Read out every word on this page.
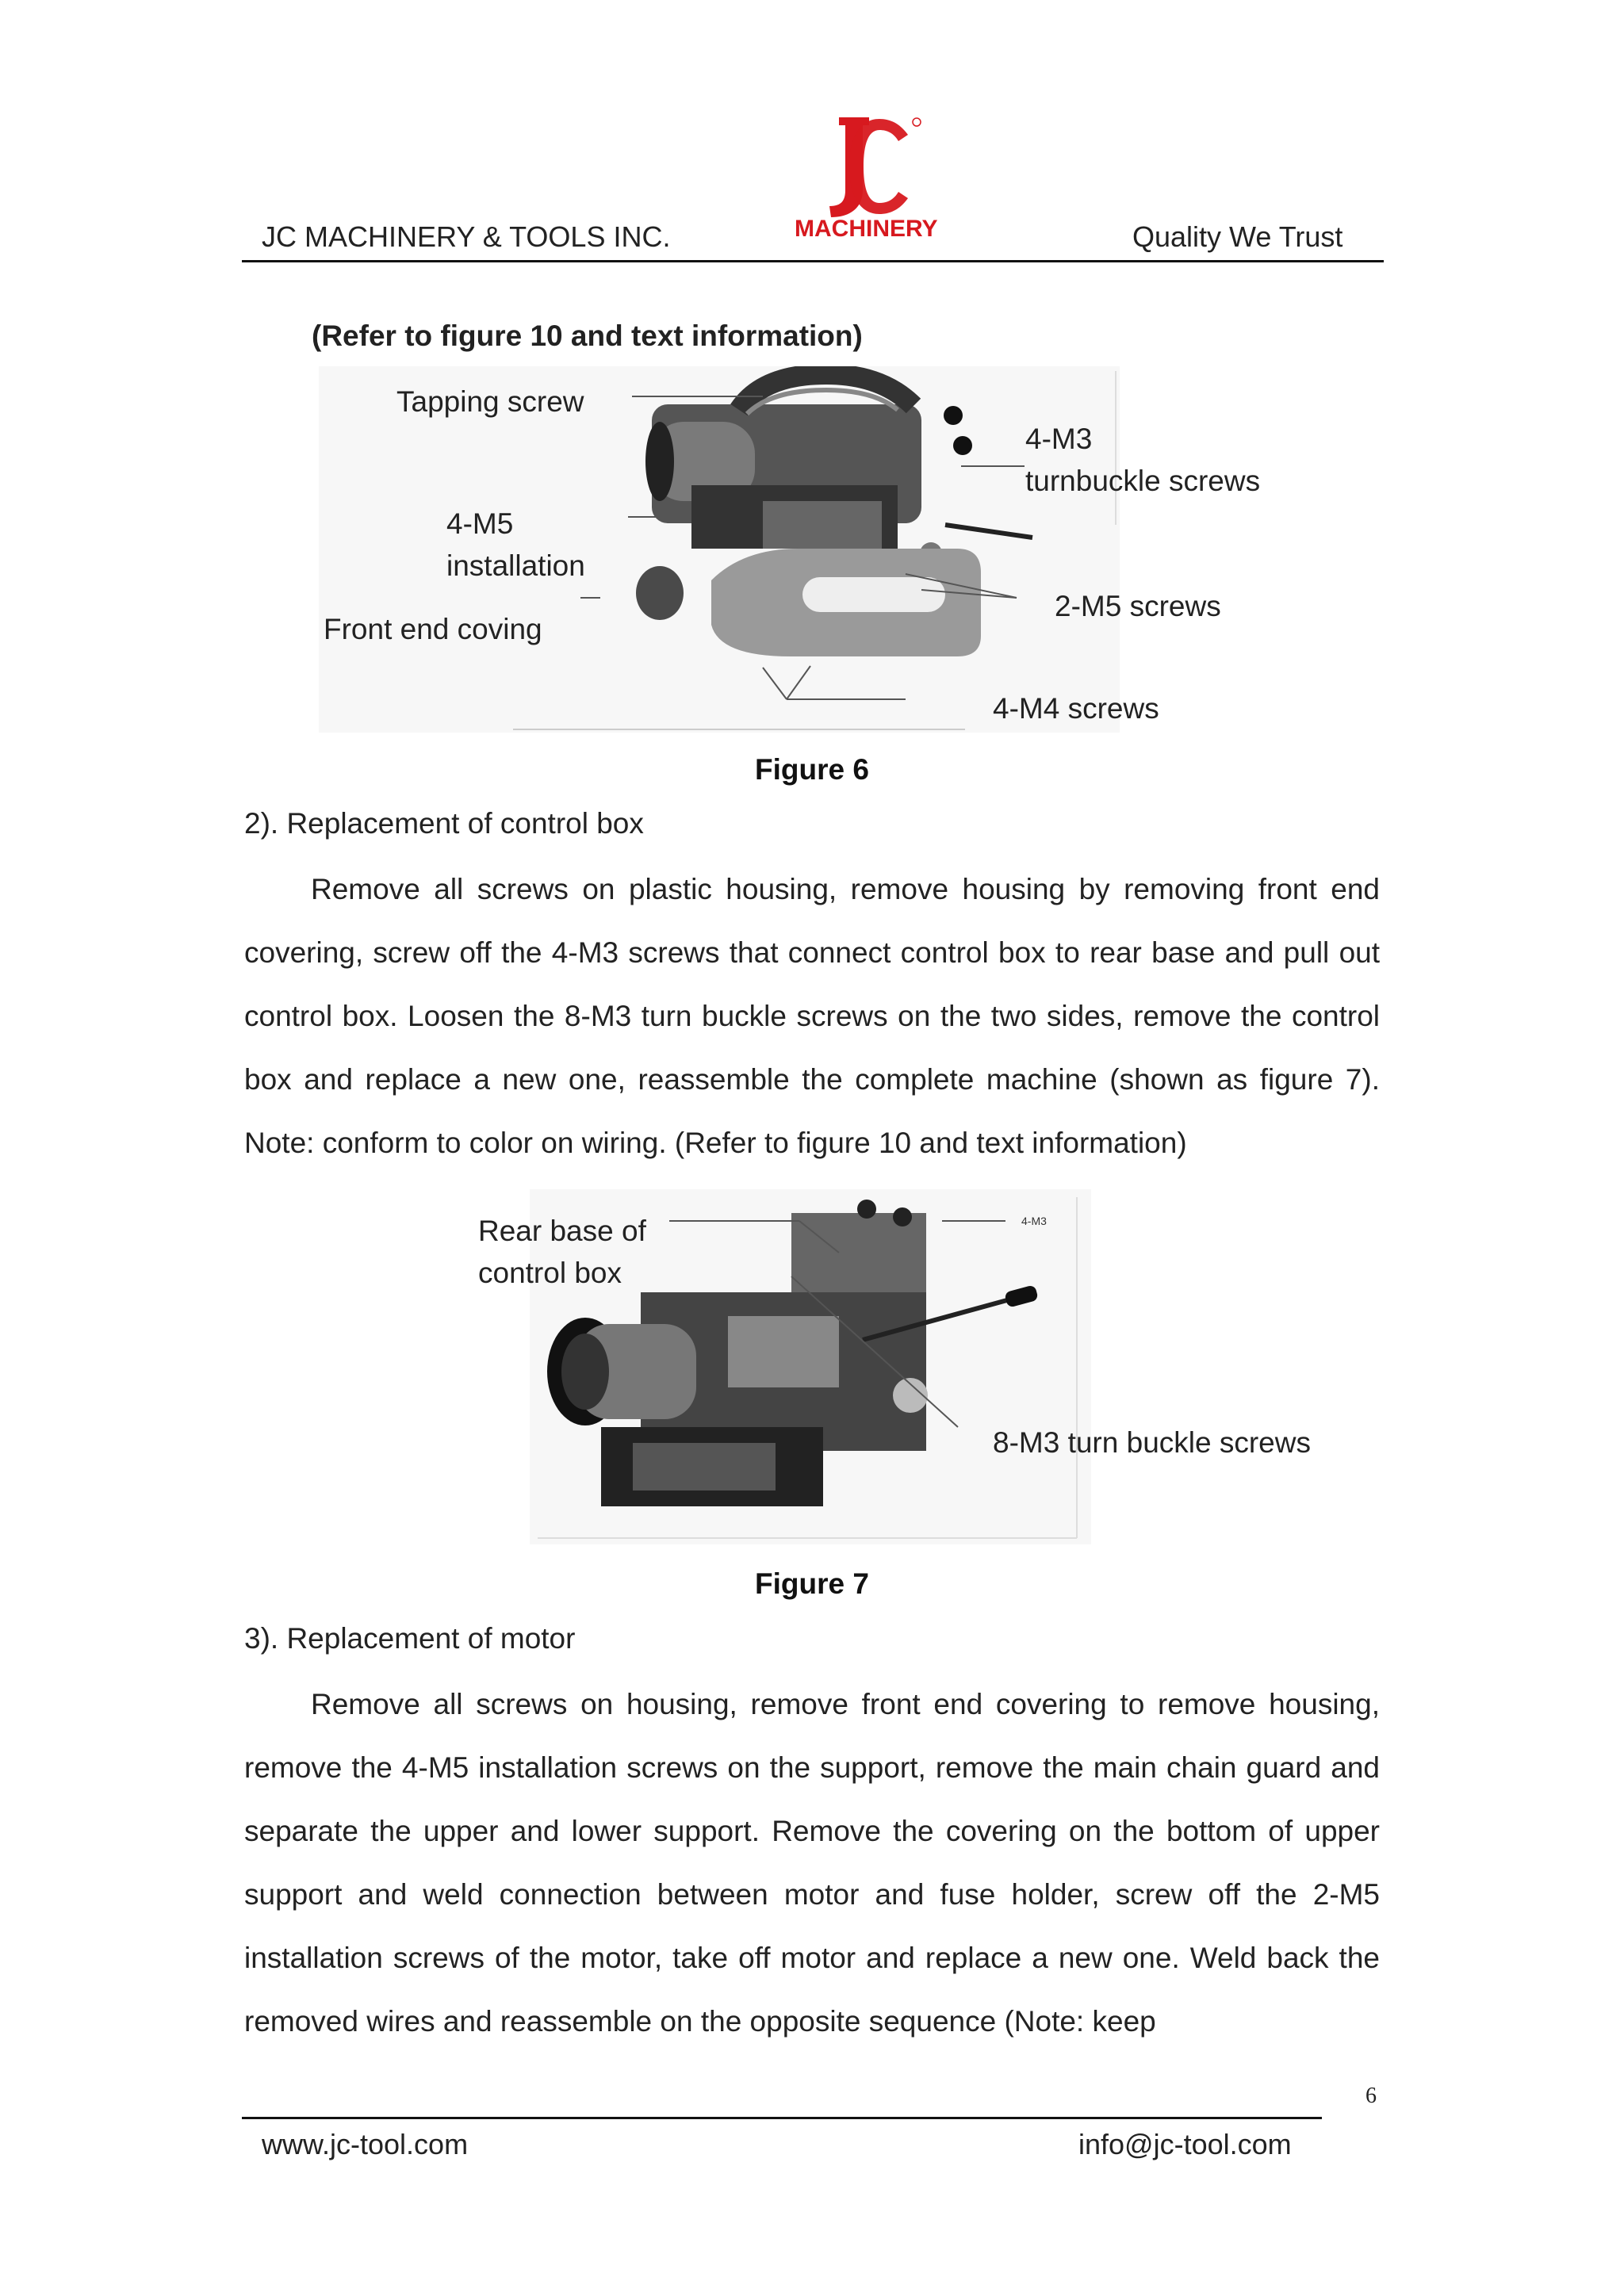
JC MACHINERY & TOOLS INC.	MACHINERY	Quality We Trust
(Refer to figure 10 and text information)
Tapping screw
4-M3
turnbuckle screws
4-M5
installation
2-M5 screws
Front end coving
4-M4 screws
Figure 6
2). Replacement of control box
Remove all screws on plastic housing, remove housing by removing front end covering, screw off the 4-M3 screws that connect control box to rear base and pull out control box. Loosen the 8-M3 turn buckle screws on the two sides, remove the control box and replace a new one, reassemble the complete machine (shown as figure 7). Note: conform to color on wiring. (Refer to figure 10 and text information)
4-M3
Rear base of
control box
8-M3 turn buckle screws
Figure 7
3). Replacement of motor
Remove all screws on housing, remove front end covering to remove housing, remove the 4-M5 installation screws on the support, remove the main chain guard and separate the upper and lower support. Remove the covering on the bottom of upper support and weld connection between motor and fuse holder, screw off the 2-M5 installation screws of the motor, take off motor and replace a new one. Weld back the removed wires and reassemble on the opposite sequence (Note: keep
6
www.jc-tool.com	info@jc-tool.com
